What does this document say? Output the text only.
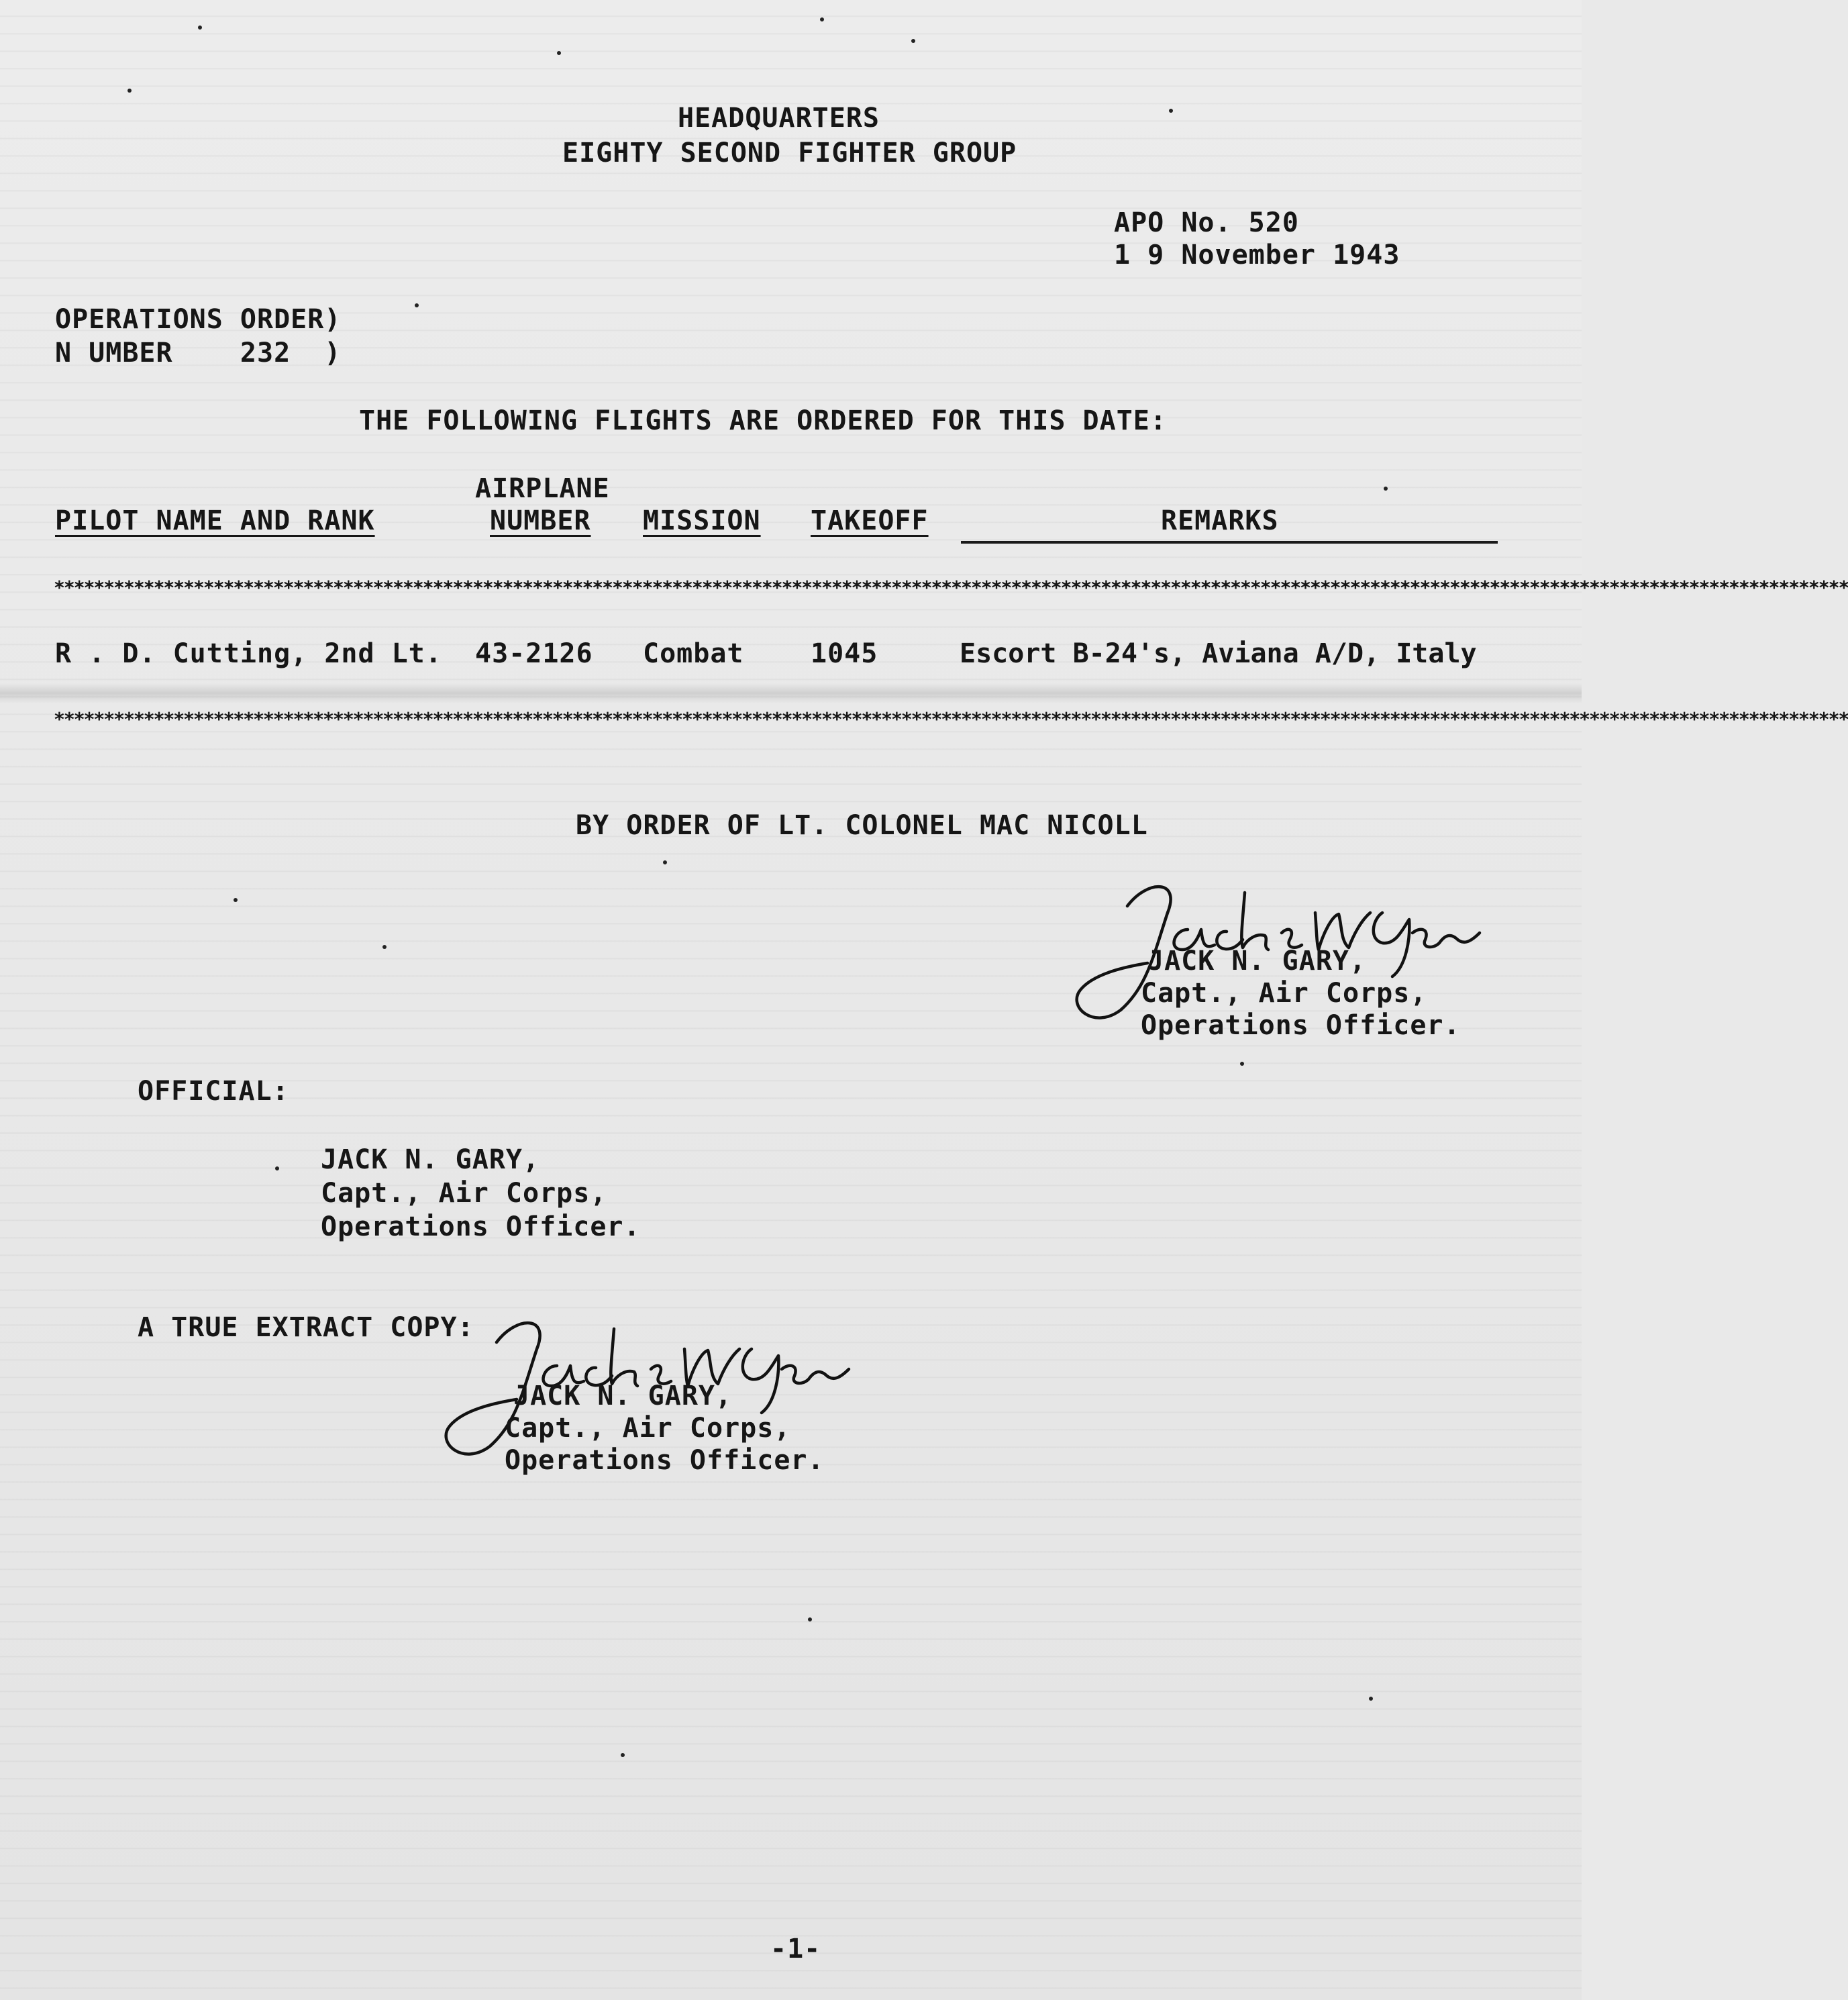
HEADQUARTERS
EIGHTY SECOND FIGHTER GROUP
APO No. 520
1 9 November 1943
OPERATIONS ORDER)
N UMBER    232  )
THE FOLLOWING FLIGHTS ARE ORDERED FOR THIS DATE:
AIRPLANE
PILOT NAME AND RANK	NUMBER MISSION TAKEOFF	REMARKS
************************************************************************************************************************************************************************************
R . D. Cutting, 2nd Lt. 43-2126 Combat 1045	Escort B-24's, Aviana A/D, Italy
************************************************************************************************************************************************************************************
BY ORDER OF LT. COLONEL MAC NICOLL
JACK N. GARY,
Capt., Air Corps,
Operations Officer.
OFFICIAL:
JACK N. GARY,
Capt., Air Corps,
Operations Officer.
A TRUE EXTRACT COPY:
JACK N. GARY,
Capt., Air Corps,
Operations Officer.
-1-
